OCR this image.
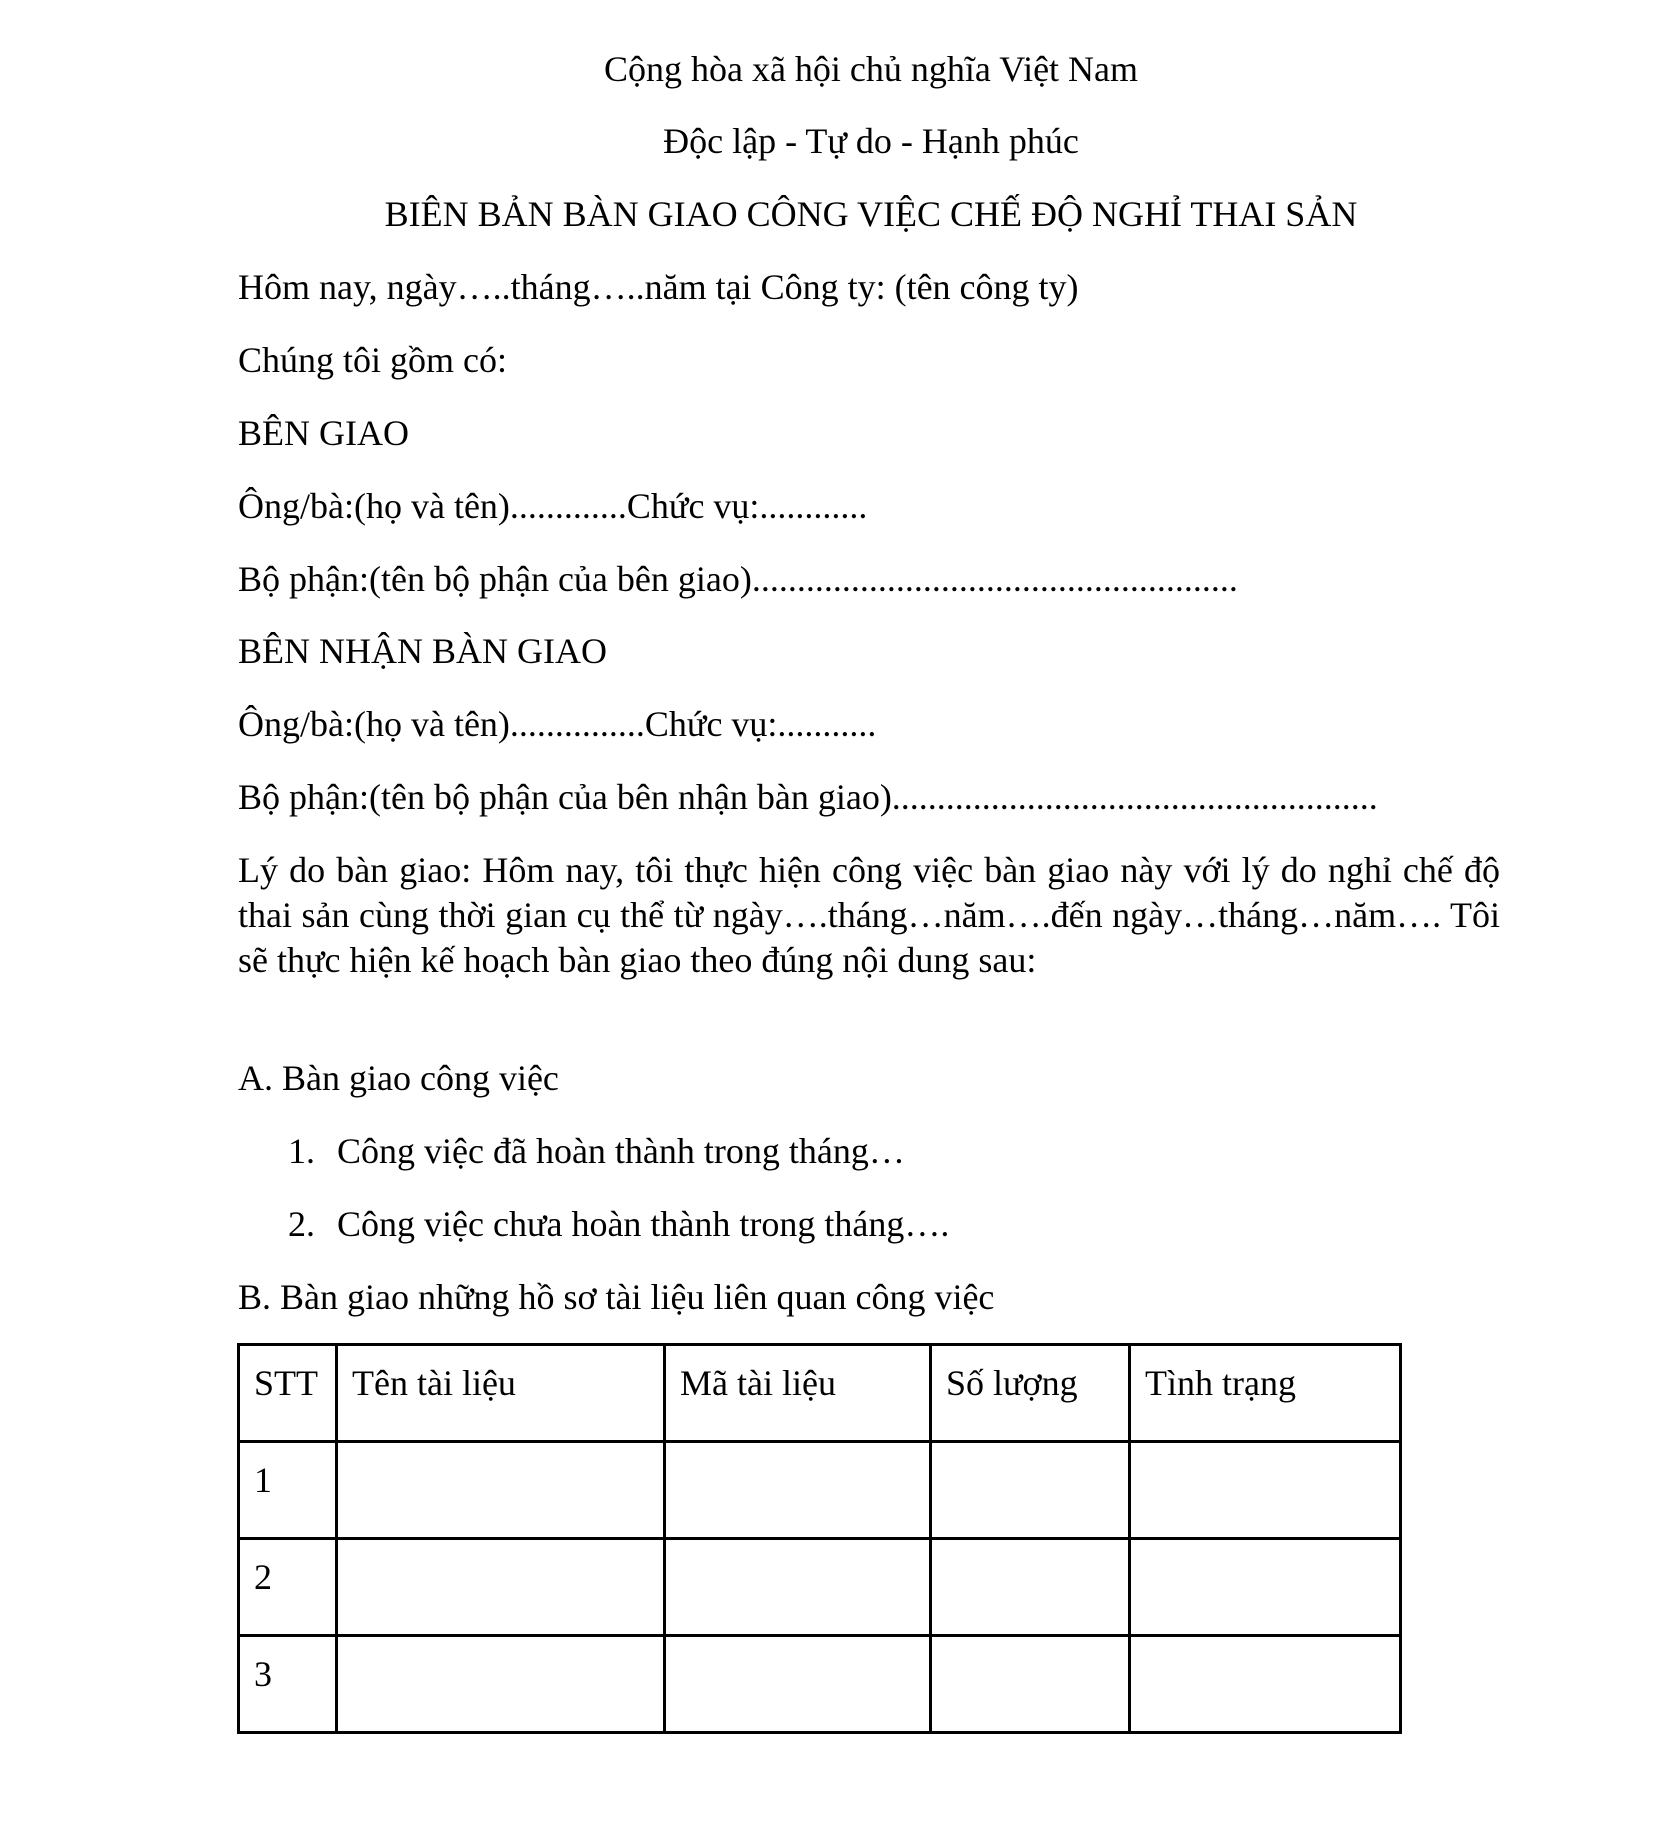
Cộng hòa xã hội chủ nghĩa Việt Nam
Độc lập - Tự do - Hạnh phúc
BIÊN BẢN BÀN GIAO CÔNG VIỆC CHẾ ĐỘ NGHỈ THAI SẢN
Hôm nay, ngày…..tháng…..năm tại Công ty: (tên công ty)
Chúng tôi gồm có:
BÊN GIAO
Ông/bà:(họ và tên).............Chức vụ:............
Bộ phận:(tên bộ phận của bên giao)......................................................
BÊN NHẬN BÀN GIAO
Ông/bà:(họ và tên)...............Chức vụ:...........
Bộ phận:(tên bộ phận của bên nhận bàn giao)......................................................
Lý do bàn giao: Hôm nay, tôi thực hiện công việc bàn giao này với lý do nghỉ chế độ thai sản cùng thời gian cụ thể từ ngày….tháng…năm….đến ngày…tháng…năm…. Tôi sẽ thực hiện kế hoạch bàn giao theo đúng nội dung sau:
A. Bàn giao công việc
1. Công việc đã hoàn thành trong tháng…
2. Công việc chưa hoàn thành trong tháng….
B. Bàn giao những hồ sơ tài liệu liên quan công việc
STT	Tên tài liệu	Mã tài liệu	Số lượng	Tình trạng
1				
2				
3				
